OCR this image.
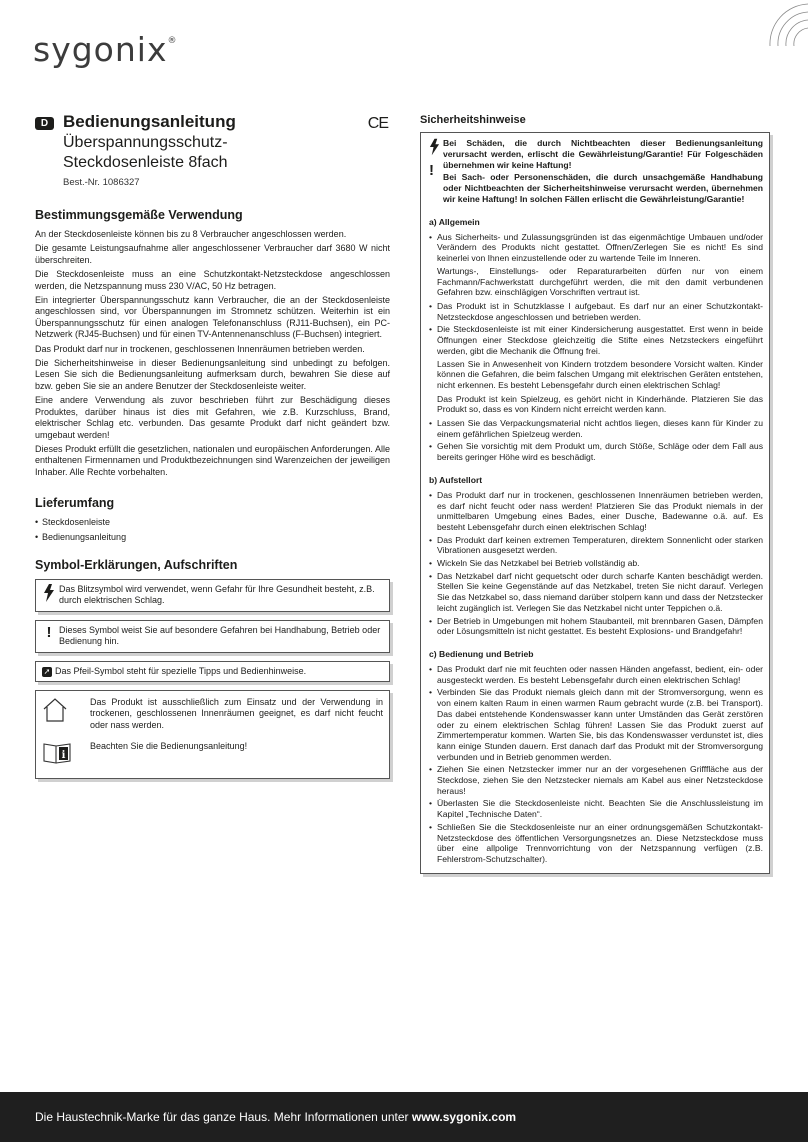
sygonix®
D Bedienungsanleitung	CE
Überspannungsschutz-
Steckdosenleiste 8fach
Best.-Nr. 1086327
Bestimmungsgemäße Verwendung

An der Steckdosenleiste können bis zu 8 Verbraucher angeschlossen werden.

Die gesamte Leistungsaufnahme aller angeschlossener Verbraucher darf 3680 W nicht überschreiten.

Die Steckdosenleiste muss an eine Schutzkontakt-Netzsteckdose angeschlossen werden, die Netzspannung muss 230 V/AC, 50 Hz betragen.

Ein integrierter Überspannungsschutz kann Verbraucher, die an der Steckdosenleiste angeschlossen sind, vor Überspannungen im Stromnetz schützen. Weiterhin ist ein Überspannungsschutz für einen analogen Telefonanschluss (RJ11-Buchsen), ein PC-Netzwerk (RJ45-Buchsen) und für einen TV-Antennenanschluss (F-Buchsen) integriert.

Das Produkt darf nur in trockenen, geschlossenen Innenräumen betrieben werden.

Die Sicherheitshinweise in dieser Bedienungsanleitung sind unbedingt zu befolgen. Lesen Sie sich die Bedienungsanleitung aufmerksam durch, bewahren Sie diese auf bzw. geben Sie sie an andere Benutzer der Steckdosenleiste weiter.

Eine andere Verwendung als zuvor beschrieben führt zur Beschädigung dieses Produktes, darüber hinaus ist dies mit Gefahren, wie z.B. Kurzschluss, Brand, elektrischer Schlag etc. verbunden. Das gesamte Produkt darf nicht geändert bzw. umgebaut werden!

Dieses Produkt erfüllt die gesetzlichen, nationalen und europäischen Anforderungen. Alle enthaltenen Firmennamen und Produktbezeichnungen sind Warenzeichen der jeweiligen Inhaber. Alle Rechte vorbehalten.

Lieferumfang
• Steckdosenleiste
• Bedienungsanleitung
Symbol-Erklärungen, Aufschriften
Das Blitzsymbol wird verwendet, wenn Gefahr für Ihre Gesundheit besteht, z.B. durch elektrischen Schlag.
! Dieses Symbol weist Sie auf besondere Gefahren bei Handhabung, Betrieb oder Bedienung hin.
➚ Das Pfeil-Symbol steht für spezielle Tipps und Bedienhinweise.
Das Produkt ist ausschließlich zum Einsatz und der Verwendung in trockenen, geschlossenen Innenräumen geeignet, es darf nicht feucht oder nass werden.
i
Beachten Sie die Bedienungsanleitung!
Sicherheitshinweise
!

Bei Schäden, die durch Nichtbeachten dieser Bedienungsanleitung verursacht werden, erlischt die Gewährleistung/Garantie! Für Folgeschäden übernehmen wir keine Haftung!

Bei Sach- oder Personenschäden, die durch unsachgemäße Handhabung oder Nichtbeachten der Sicherheitshinweise verursacht werden, übernehmen wir keine Haftung! In solchen Fällen erlischt die Gewährleistung/Garantie!

a) Allgemein
• Aus Sicherheits- und Zulassungsgründen ist das eigenmächtige Umbauen und/oder Verändern des Produkts nicht gestattet. Öffnen/Zerlegen Sie es nicht! Es sind keinerlei von Ihnen einzustellende oder zu wartende Teile im Inneren.
Wartungs-, Einstellungs- oder Reparaturarbeiten dürfen nur von einem Fachmann/Fachwerkstatt durchgeführt werden, die mit den damit verbundenen Gefahren bzw. einschlägigen Vorschriften vertraut ist.
• Das Produkt ist in Schutzklasse I aufgebaut. Es darf nur an einer Schutzkontakt-Netzsteckdose angeschlossen und betrieben werden.
• Die Steckdosenleiste ist mit einer Kindersicherung ausgestattet. Erst wenn in beide Öffnungen einer Steckdose gleichzeitig die Stifte eines Netzsteckers eingeführt werden, gibt die Mechanik die Öffnung frei.
Lassen Sie in Anwesenheit von Kindern trotzdem besondere Vorsicht walten. Kinder können die Gefahren, die beim falschen Umgang mit elektrischen Geräten entstehen, nicht erkennen. Es besteht Lebensgefahr durch einen elektrischen Schlag!
Das Produkt ist kein Spielzeug, es gehört nicht in Kinderhände. Platzieren Sie das Produkt so, dass es von Kindern nicht erreicht werden kann.
• Lassen Sie das Verpackungsmaterial nicht achtlos liegen, dieses kann für Kinder zu einem gefährlichen Spielzeug werden.
• Gehen Sie vorsichtig mit dem Produkt um, durch Stöße, Schläge oder dem Fall aus bereits geringer Höhe wird es beschädigt.
b) Aufstellort
• Das Produkt darf nur in trockenen, geschlossenen Innenräumen betrieben werden, es darf nicht feucht oder nass werden! Platzieren Sie das Produkt niemals in der unmittelbaren Umgebung eines Bades, einer Dusche, Badewanne o.ä. auf. Es besteht Lebensgefahr durch einen elektrischen Schlag!
• Das Produkt darf keinen extremen Temperaturen, direktem Sonnenlicht oder starken Vibrationen ausgesetzt werden.
• Wickeln Sie das Netzkabel bei Betrieb vollständig ab.
• Das Netzkabel darf nicht gequetscht oder durch scharfe Kanten beschädigt werden. Stellen Sie keine Gegenstände auf das Netzkabel, treten Sie nicht darauf. Verlegen Sie das Netzkabel so, dass niemand darüber stolpern kann und dass der Netzstecker leicht zugänglich ist. Verlegen Sie das Netzkabel nicht unter Teppichen o.ä.
• Der Betrieb in Umgebungen mit hohem Staubanteil, mit brennbaren Gasen, Dämpfen oder Lösungsmitteln ist nicht gestattet. Es besteht Explosions- und Brandgefahr!
c) Bedienung und Betrieb
• Das Produkt darf nie mit feuchten oder nassen Händen angefasst, bedient, ein- oder ausgesteckt werden. Es besteht Lebensgefahr durch einen elektrischen Schlag!
• Verbinden Sie das Produkt niemals gleich dann mit der Stromversorgung, wenn es von einem kalten Raum in einen warmen Raum gebracht wurde (z.B. bei Transport). Das dabei entstehende Kondenswasser kann unter Umständen das Gerät zerstören oder zu einem elektrischen Schlag führen! Lassen Sie das Produkt zuerst auf Zimmertemperatur kommen. Warten Sie, bis das Kondenswasser verdunstet ist, dies kann einige Stunden dauern. Erst danach darf das Produkt mit der Stromversorgung verbunden und in Betrieb genommen werden.
• Ziehen Sie einen Netzstecker immer nur an der vorgesehenen Grifffläche aus der Steckdose, ziehen Sie den Netzstecker niemals am Kabel aus einer Netzsteckdose heraus!
• Überlasten Sie die Steckdosenleiste nicht. Beachten Sie die Anschlussleistung im Kapitel „Technische Daten“.
• Schließen Sie die Steckdosenleiste nur an einer ordnungsgemäßen Schutzkontakt-Netzsteckdose des öffentlichen Versorgungsnetzes an. Diese Netzsteckdose muss über eine allpolige Trennvorrichtung von der Netzspannung verfügen (z.B. Fehlerstrom-Schutzschalter).
Die Haustechnik-Marke für das ganze Haus. Mehr Informationen unter www.sygonix.com
